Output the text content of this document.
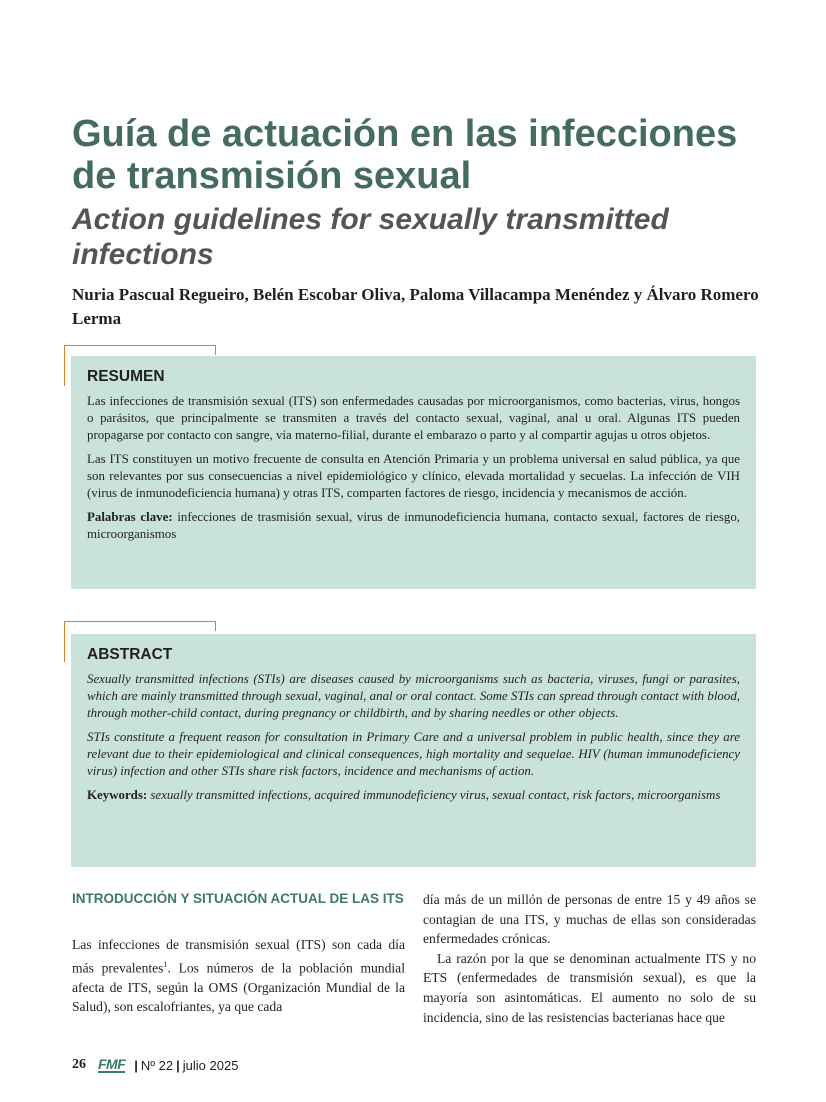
Guía de actuación en las infecciones de transmisión sexual
Action guidelines for sexually transmitted infections

Nuria Pascual Regueiro, Belén Escobar Oliva, Paloma Villacampa Menéndez y Álvaro Romero Lerma

RESUMEN

Las infecciones de transmisión sexual (ITS) son enfermedades causadas por microorganismos, como bacterias, virus, hongos o parásitos, que principalmente se transmiten a través del contacto sexual, vaginal, anal u oral. Algunas ITS pueden propagarse por contacto con sangre, vía materno-filial, durante el embarazo o parto y al compartir agujas u otros objetos.

Las ITS constituyen un motivo frecuente de consulta en Atención Primaria y un problema universal en salud pública, ya que son relevantes por sus consecuencias a nivel epidemiológico y clínico, elevada mortalidad y secuelas. La infección de VIH (virus de inmunodeficiencia humana) y otras ITS, comparten factores de riesgo, incidencia y mecanismos de acción.

Palabras clave: infecciones de trasmisión sexual, virus de inmunodeficiencia humana, contacto sexual, factores de riesgo, microorganismos

ABSTRACT

Sexually transmitted infections (STIs) are diseases caused by microorganisms such as bacteria, viruses, fungi or parasites, which are mainly transmitted through sexual, vaginal, anal or oral contact. Some STIs can spread through contact with blood, through mother-child contact, during pregnancy or childbirth, and by sharing needles or other objects.

STIs constitute a frequent reason for consultation in Primary Care and a universal problem in public health, since they are relevant due to their epidemiological and clinical consequences, high mortality and sequelae. HIV (human immunodeficiency virus) infection and other STIs share risk factors, incidence and mechanisms of action.

Keywords: sexually transmitted infections, acquired immunodeficiency virus, sexual contact, risk factors, microorganisms

INTRODUCCIÓN Y SITUACIÓN ACTUAL DE LAS ITS

Las infecciones de transmisión sexual (ITS) son cada día más prevalentes$^1$. Los números de la población mundial afecta de ITS, según la OMS (Organización Mundial de la Salud), son escalofriantes, ya que cada

día más de un millón de personas de entre 15 y 49 años se contagian de una ITS, y muchas de ellas son consideradas enfermedades crónicas.

La razón por la que se denominan actualmente ITS y no ETS (enfermedades de transmisión sexual), es que la mayoría son asintomáticas. El aumento no solo de su incidencia, sino de las resistencias bacterianas hace que

26 FMF | Nº 22 | julio 2025
